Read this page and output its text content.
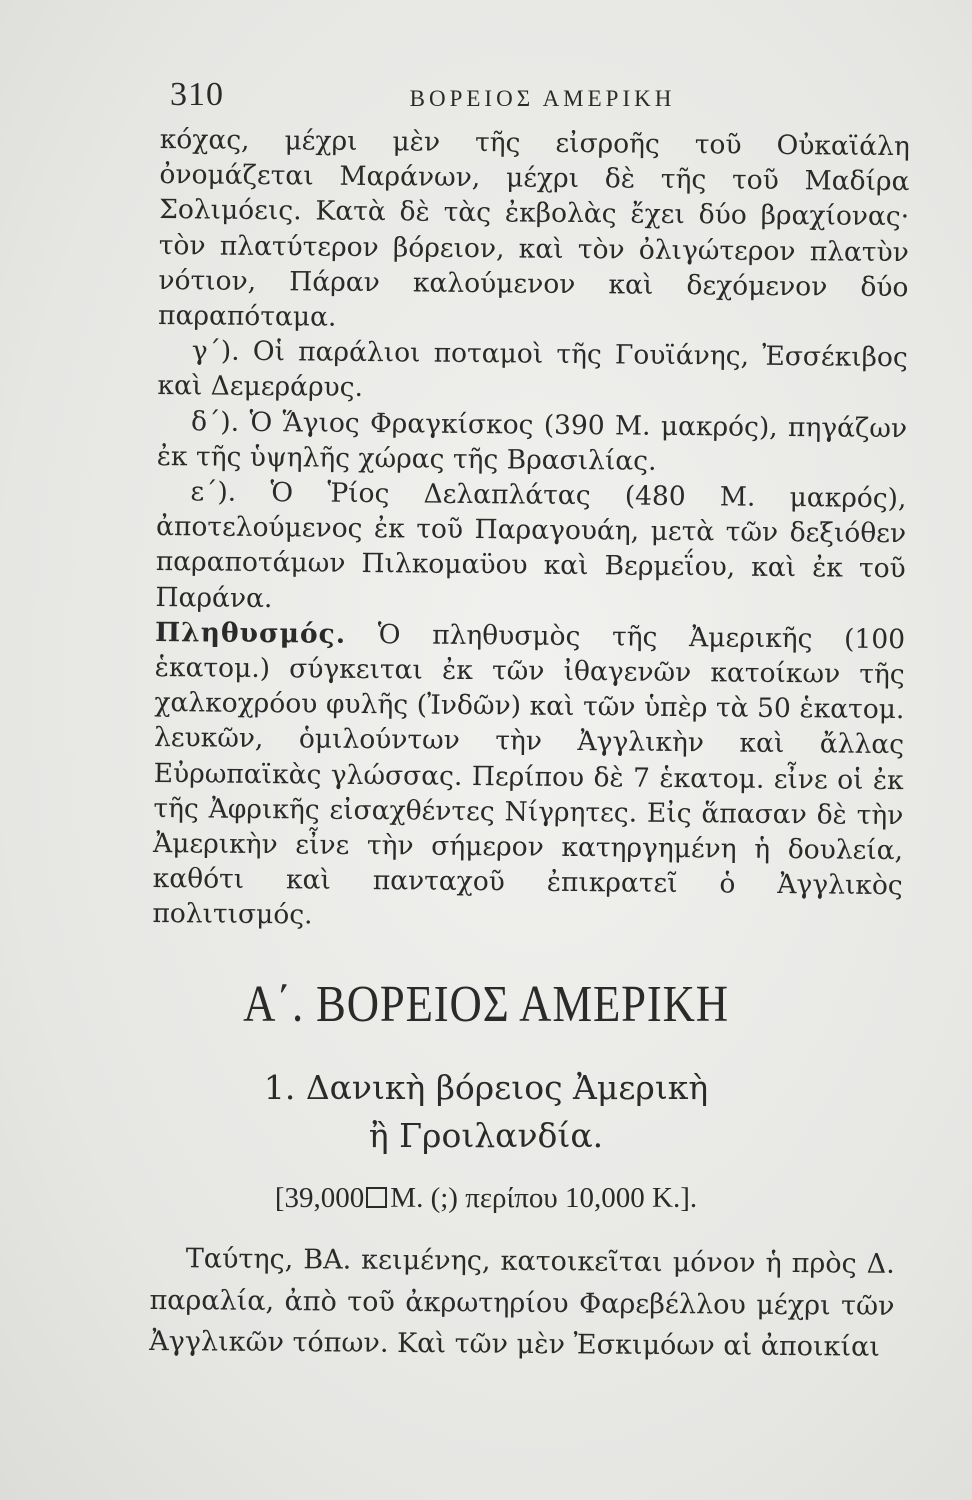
310	ΒΟΡΕΙΟΣ ΑΜΕΡΙΚΗ

κόχας, μέχρι μὲν τῆς εἰσροῆς τοῦ Οὐκαϊάλη ὀνομάζεται Μαράνων, μέχρι δὲ τῆς τοῦ Μαδίρα Σολιμόεις. Κατὰ δὲ τὰς ἐκβολὰς ἔχει δύο βραχίονας· τὸν πλατύτερον βόρειον, καὶ τὸν ὀλιγώτερον πλατὺν νότιον, Πάραν καλούμενον καὶ δεχόμενον δύο παραπόταμα.

γ΄). Οἱ παράλιοι ποταμοὶ τῆς Γουϊάνης, Ἐσσέκιβος καὶ Δεμεράρυς.

δ΄). Ὁ Ἅγιος Φραγκίσκος (390 Μ. μακρός), πηγάζων ἐκ τῆς ὑψηλῆς χώρας τῆς Βρασιλίας.

ε΄). Ὁ Ῥίος Δελαπλάτας (480 Μ. μακρός), ἀποτελούμενος ἐκ τοῦ Παραγουάη, μετὰ τῶν δεξιόθεν παραποτάμων Πιλκομαϋου καὶ Βερμεΐου, καὶ ἐκ τοῦ Παράνα.

Πληθυσμός. Ὁ πληθυσμὸς τῆς Ἀμερικῆς (100 ἑκατομ.) σύγκειται ἐκ τῶν ἰθαγενῶν κατοίκων τῆς χαλκοχρόου φυλῆς (Ἰνδῶν) καὶ τῶν ὑπὲρ τὰ 50 ἑκατομ. λευκῶν, ὁμιλούντων τὴν Ἀγγλικὴν καὶ ἄλλας Εὐρωπαϊκὰς γλώσσας. Περίπου δὲ 7 ἑκατομ. εἶνε οἱ ἐκ τῆς Ἀφρικῆς εἰσαχθέντες Νίγρητες. Εἰς ἅπασαν δὲ τὴν Ἀμερικὴν εἶνε τὴν σήμερον κατηργημένη ἡ δουλεία, καθότι καὶ πανταχοῦ ἐπικρατεῖ ὁ Ἀγγλικὸς πολιτισμός.

Α΄. ΒΟΡΕΙΟΣ ΑΜΕΡΙΚΗ
1. Δανικὴ βόρειος Ἀμερικὴ
ἢ Γροιλανδία.
[39,000 Μ. (;) περίπου 10,000 Κ.].

Ταύτης, ΒΑ. κειμένης, κατοικεῖται μόνον ἡ πρὸς Δ. παραλία, ἀπὸ τοῦ ἀκρωτηρίου Φαρεβέλλου μέχρι τῶν Ἀγγλικῶν τόπων. Καὶ τῶν μὲν Ἐσκιμόων αἱ ἀποικίαι
